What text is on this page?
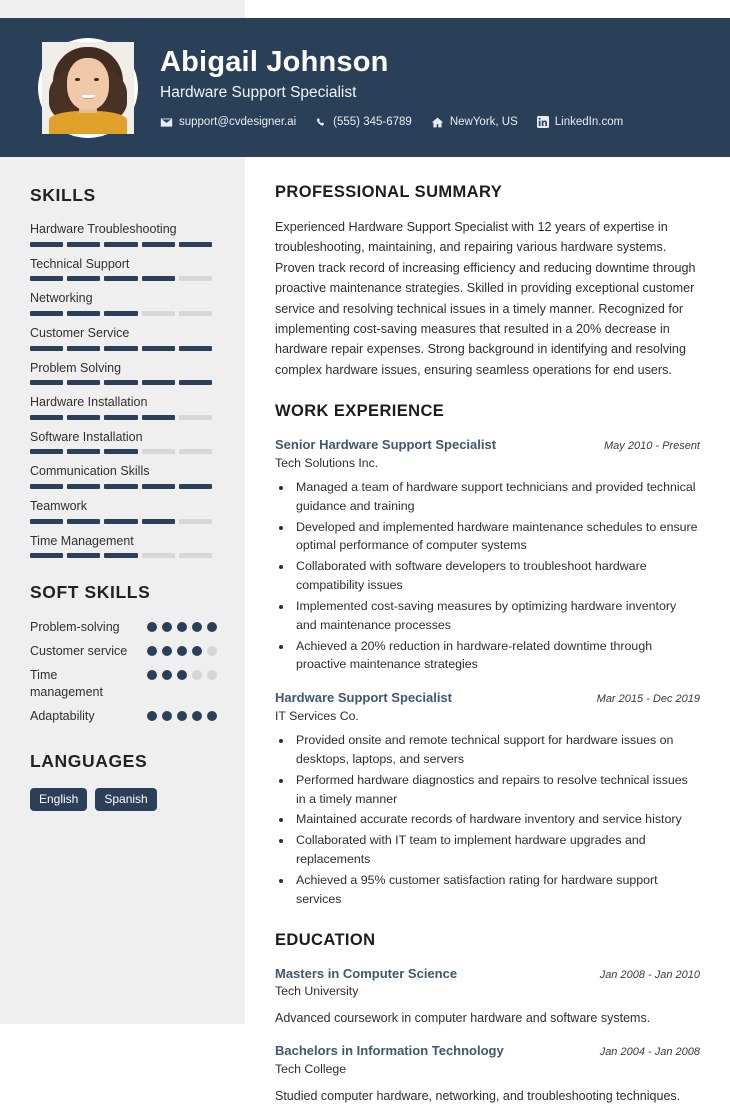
Abigail Johnson
Hardware Support Specialist
support@cvdesigner.ai	(555) 345-6789	NewYork, US	LinkedIn.com
SKILLS
Hardware Troubleshooting
Technical Support
Networking
Customer Service
Problem Solving
Hardware Installation
Software Installation
Communication Skills
Teamwork
Time Management
SOFT SKILLS
Problem-solving
Customer service
Time management
Adaptability
LANGUAGES
English	Spanish
PROFESSIONAL SUMMARY
Experienced Hardware Support Specialist with 12 years of expertise in troubleshooting, maintaining, and repairing various hardware systems. Proven track record of increasing efficiency and reducing downtime through proactive maintenance strategies. Skilled in providing exceptional customer service and resolving technical issues in a timely manner. Recognized for implementing cost-saving measures that resulted in a 20% decrease in hardware repair expenses. Strong background in identifying and resolving complex hardware issues, ensuring seamless operations for end users.
WORK EXPERIENCE
Senior Hardware Support Specialist	May 2010 - Present
Tech Solutions Inc.
• Managed a team of hardware support technicians and provided technical guidance and training
• Developed and implemented hardware maintenance schedules to ensure optimal performance of computer systems
• Collaborated with software developers to troubleshoot hardware compatibility issues
• Implemented cost-saving measures by optimizing hardware inventory and maintenance processes
• Achieved a 20% reduction in hardware-related downtime through proactive maintenance strategies
Hardware Support Specialist	Mar 2015 - Dec 2019
IT Services Co.
• Provided onsite and remote technical support for hardware issues on desktops, laptops, and servers
• Performed hardware diagnostics and repairs to resolve technical issues in a timely manner
• Maintained accurate records of hardware inventory and service history
• Collaborated with IT team to implement hardware upgrades and replacements
• Achieved a 95% customer satisfaction rating for hardware support services
EDUCATION
Masters in Computer Science	Jan 2008 - Jan 2010
Tech University
Advanced coursework in computer hardware and software systems.
Bachelors in Information Technology	Jan 2004 - Jan 2008
Tech College
Studied computer hardware, networking, and troubleshooting techniques.
